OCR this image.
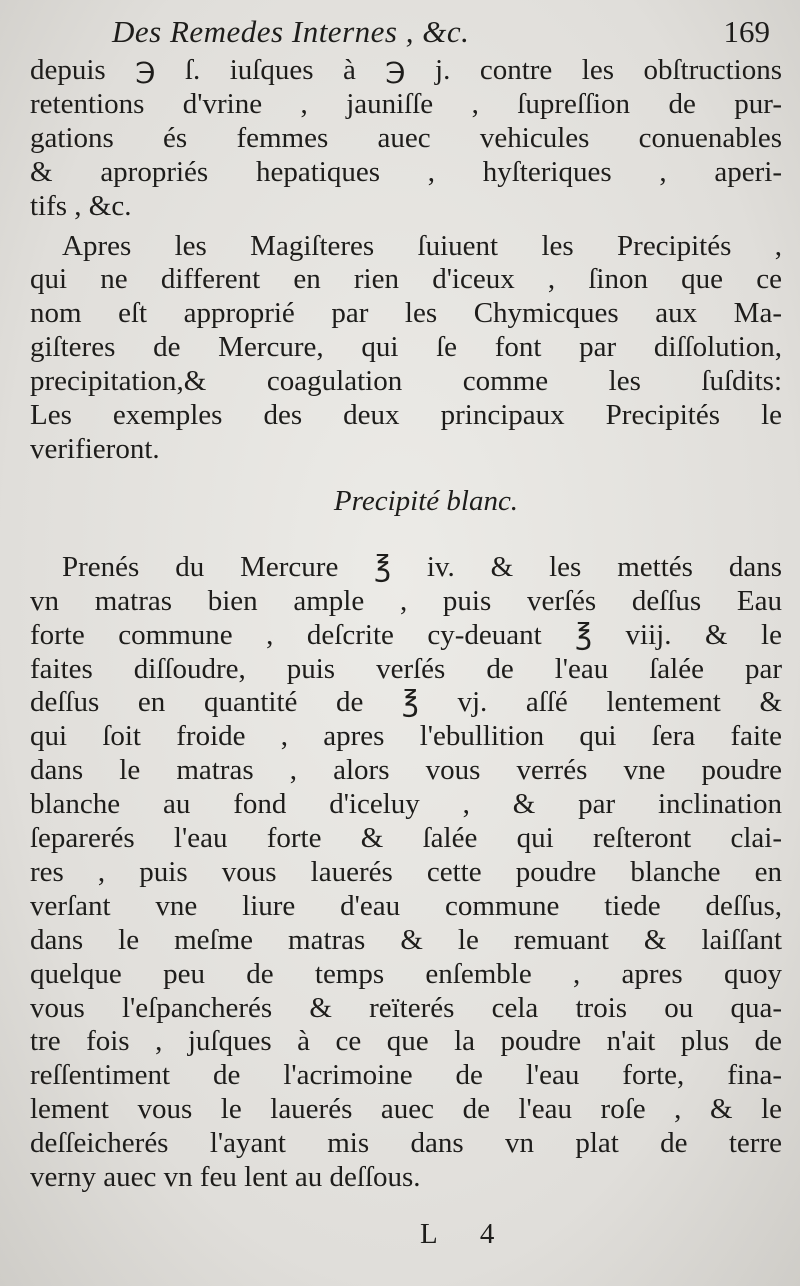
Des Remedes Internes , &c.	169
depuis ℈ ſ. iuſques à ℈ j. contre les obſtructions
retentions d'vrine , jauniſſe , ſupreſſion de pur-
gations és femmes auec vehicules conuenables
& apropriés hepatiques , hyſteriques , aperi-
tifs , &c.
Apres les Magiſteres ſuiuent les Precipités ,
qui ne different en rien d'iceux , ſinon que ce
nom eſt approprié par les Chymicques aux Ma-
giſteres de Mercure, qui ſe font par diſſolution,
precipitation,& coagulation comme les ſuſdits:
Les exemples des deux principaux Precipités le
verifieront.
Precipité blanc.
Prenés du Mercure ℥ iv. & les mettés dans
vn matras bien ample , puis verſés deſſus Eau
forte commune , deſcrite cy-deuant ℥ viij. & le
faites diſſoudre, puis verſés de l'eau ſalée par
deſſus en quantité de ℥ vj. aſſé lentement &
qui ſoit froide , apres l'ebullition qui ſera faite
dans le matras , alors vous verrés vne poudre
blanche au fond d'iceluy , & par inclination
ſeparerés l'eau forte & ſalée qui reſteront clai-
res , puis vous lauerés cette poudre blanche en
verſant vne liure d'eau commune tiede deſſus,
dans le meſme matras & le remuant & laiſſant
quelque peu de temps enſemble , apres quoy
vous l'eſpancherés & reïterés cela trois ou qua-
tre fois , juſques à ce que la poudre n'ait plus de
reſſentiment de l'acrimoine de l'eau forte, fina-
lement vous le lauerés auec de l'eau roſe , & le
deſſeicherés l'ayant mis dans vn plat de terre
verny auec vn feu lent au deſſous.
L 4
